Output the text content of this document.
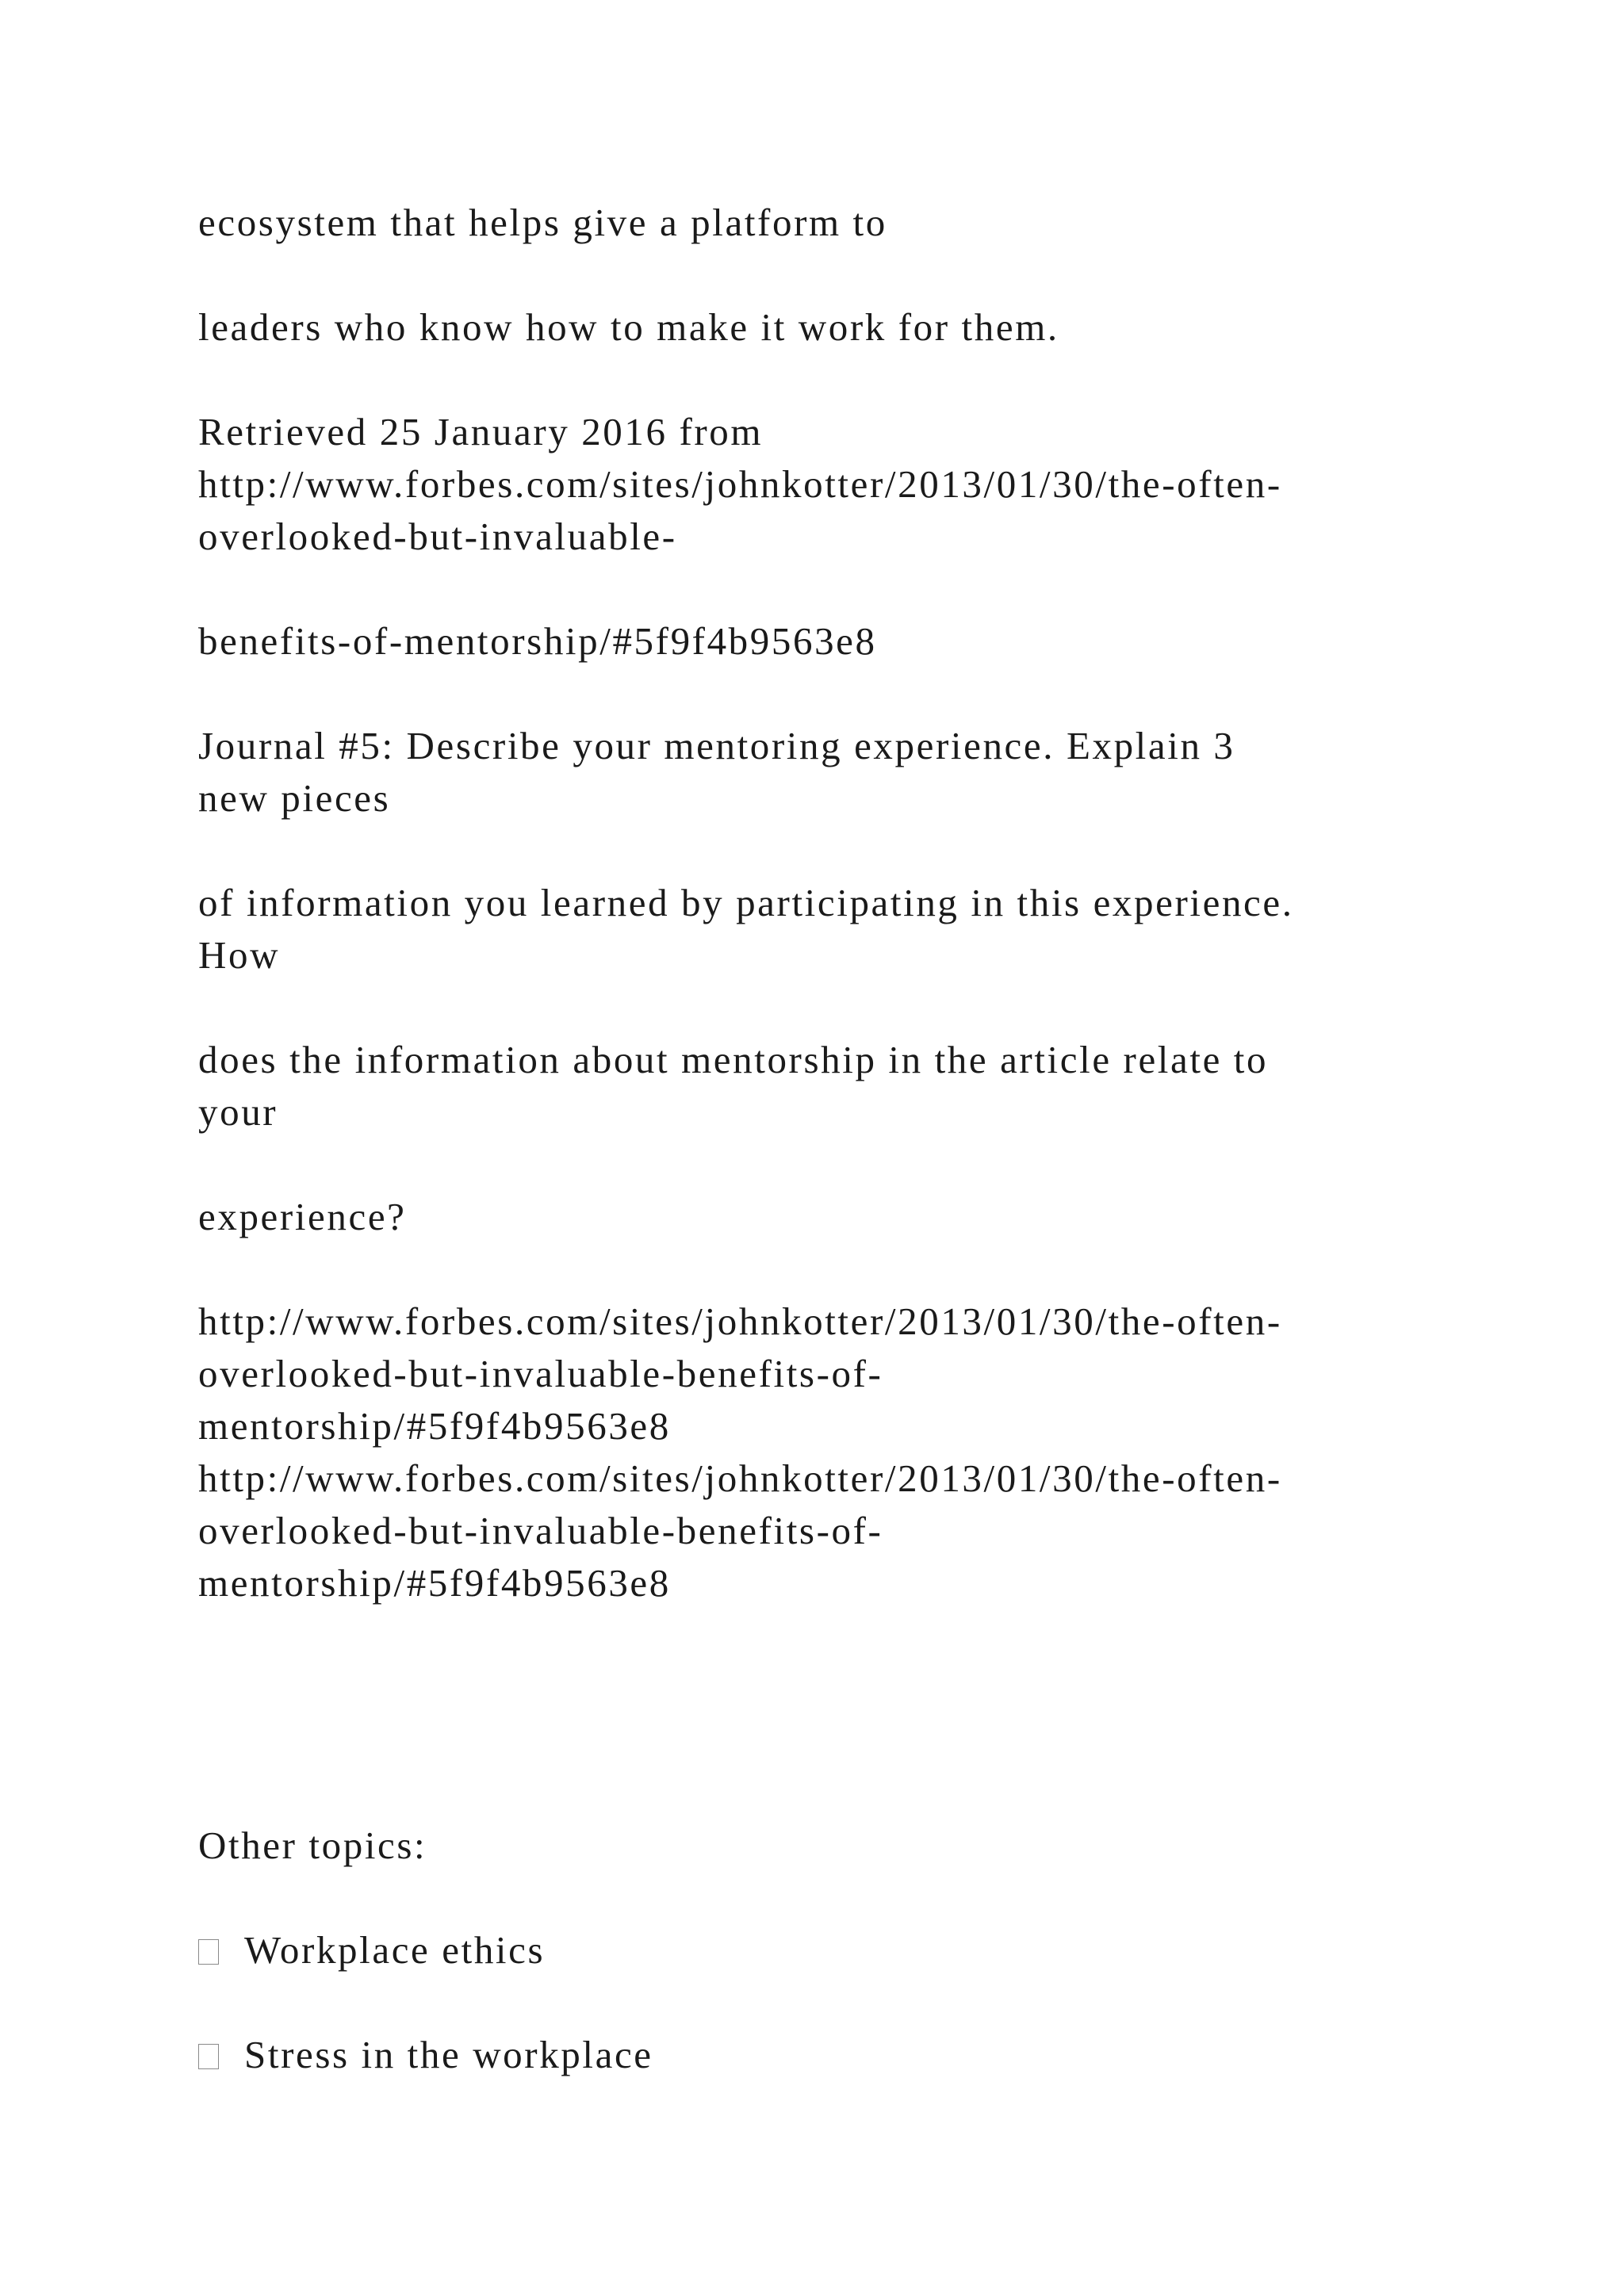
ecosystem that helps give a platform to

leaders who know how to make it work for them.

Retrieved 25 January 2016 from

http://www.forbes.com/sites/johnkotter/2013/01/30/the-often-

overlooked-but-invaluable-

benefits-of-mentorship/#5f9f4b9563e8

Journal #5: Describe your mentoring experience. Explain 3

new pieces

of information you learned by participating in this experience.

How

does the information about mentorship in the article relate to

your

experience?

http://www.forbes.com/sites/johnkotter/2013/01/30/the-often-

overlooked-but-invaluable-benefits-of-

mentorship/#5f9f4b9563e8

http://www.forbes.com/sites/johnkotter/2013/01/30/the-often-

overlooked-but-invaluable-benefits-of-

mentorship/#5f9f4b9563e8

Other topics:

Workplace ethics

Stress in the workplace
